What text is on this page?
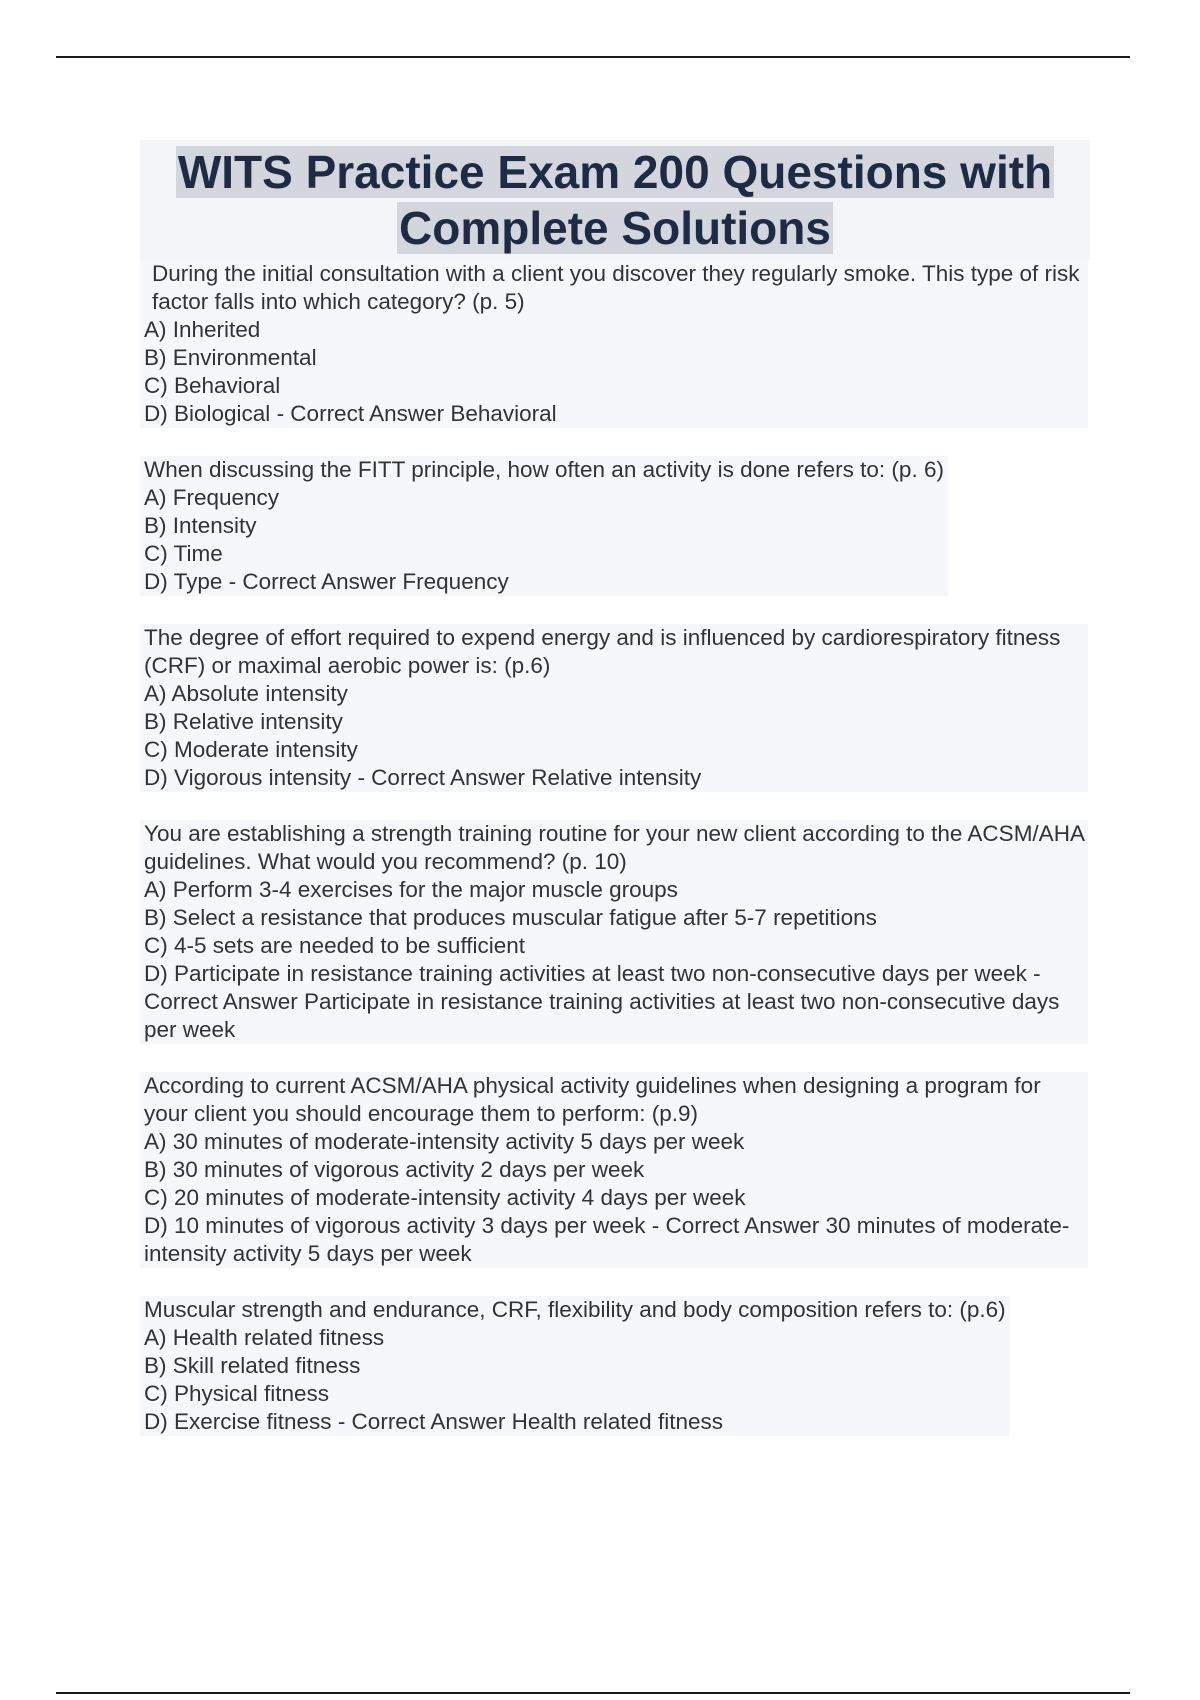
WITS Practice Exam 200 Questions with
Complete Solutions
During the initial consultation with a client you discover they regularly smoke. This type of risk factor falls into which category? (p. 5)
A) Inherited
B) Environmental
C) Behavioral
D) Biological - Correct Answer Behavioral
When discussing the FITT principle, how often an activity is done refers to: (p. 6)
A) Frequency
B) Intensity
C) Time
D) Type - Correct Answer Frequency
The degree of effort required to expend energy and is influenced by cardiorespiratory fitness (CRF) or maximal aerobic power is: (p.6)
A) Absolute intensity
B) Relative intensity
C) Moderate intensity
D) Vigorous intensity - Correct Answer Relative intensity
You are establishing a strength training routine for your new client according to the ACSM/AHA guidelines. What would you recommend? (p. 10)
A) Perform 3-4 exercises for the major muscle groups
B) Select a resistance that produces muscular fatigue after 5-7 repetitions
C) 4-5 sets are needed to be sufficient
D) Participate in resistance training activities at least two non-consecutive days per week - Correct Answer Participate in resistance training activities at least two non-consecutive days per week
According to current ACSM/AHA physical activity guidelines when designing a program for your client you should encourage them to perform: (p.9)
A) 30 minutes of moderate-intensity activity 5 days per week
B) 30 minutes of vigorous activity 2 days per week
C) 20 minutes of moderate-intensity activity 4 days per week
D) 10 minutes of vigorous activity 3 days per week - Correct Answer 30 minutes of moderate-intensity activity 5 days per week
Muscular strength and endurance, CRF, flexibility and body composition refers to: (p.6)
A) Health related fitness
B) Skill related fitness
C) Physical fitness
D) Exercise fitness - Correct Answer Health related fitness
